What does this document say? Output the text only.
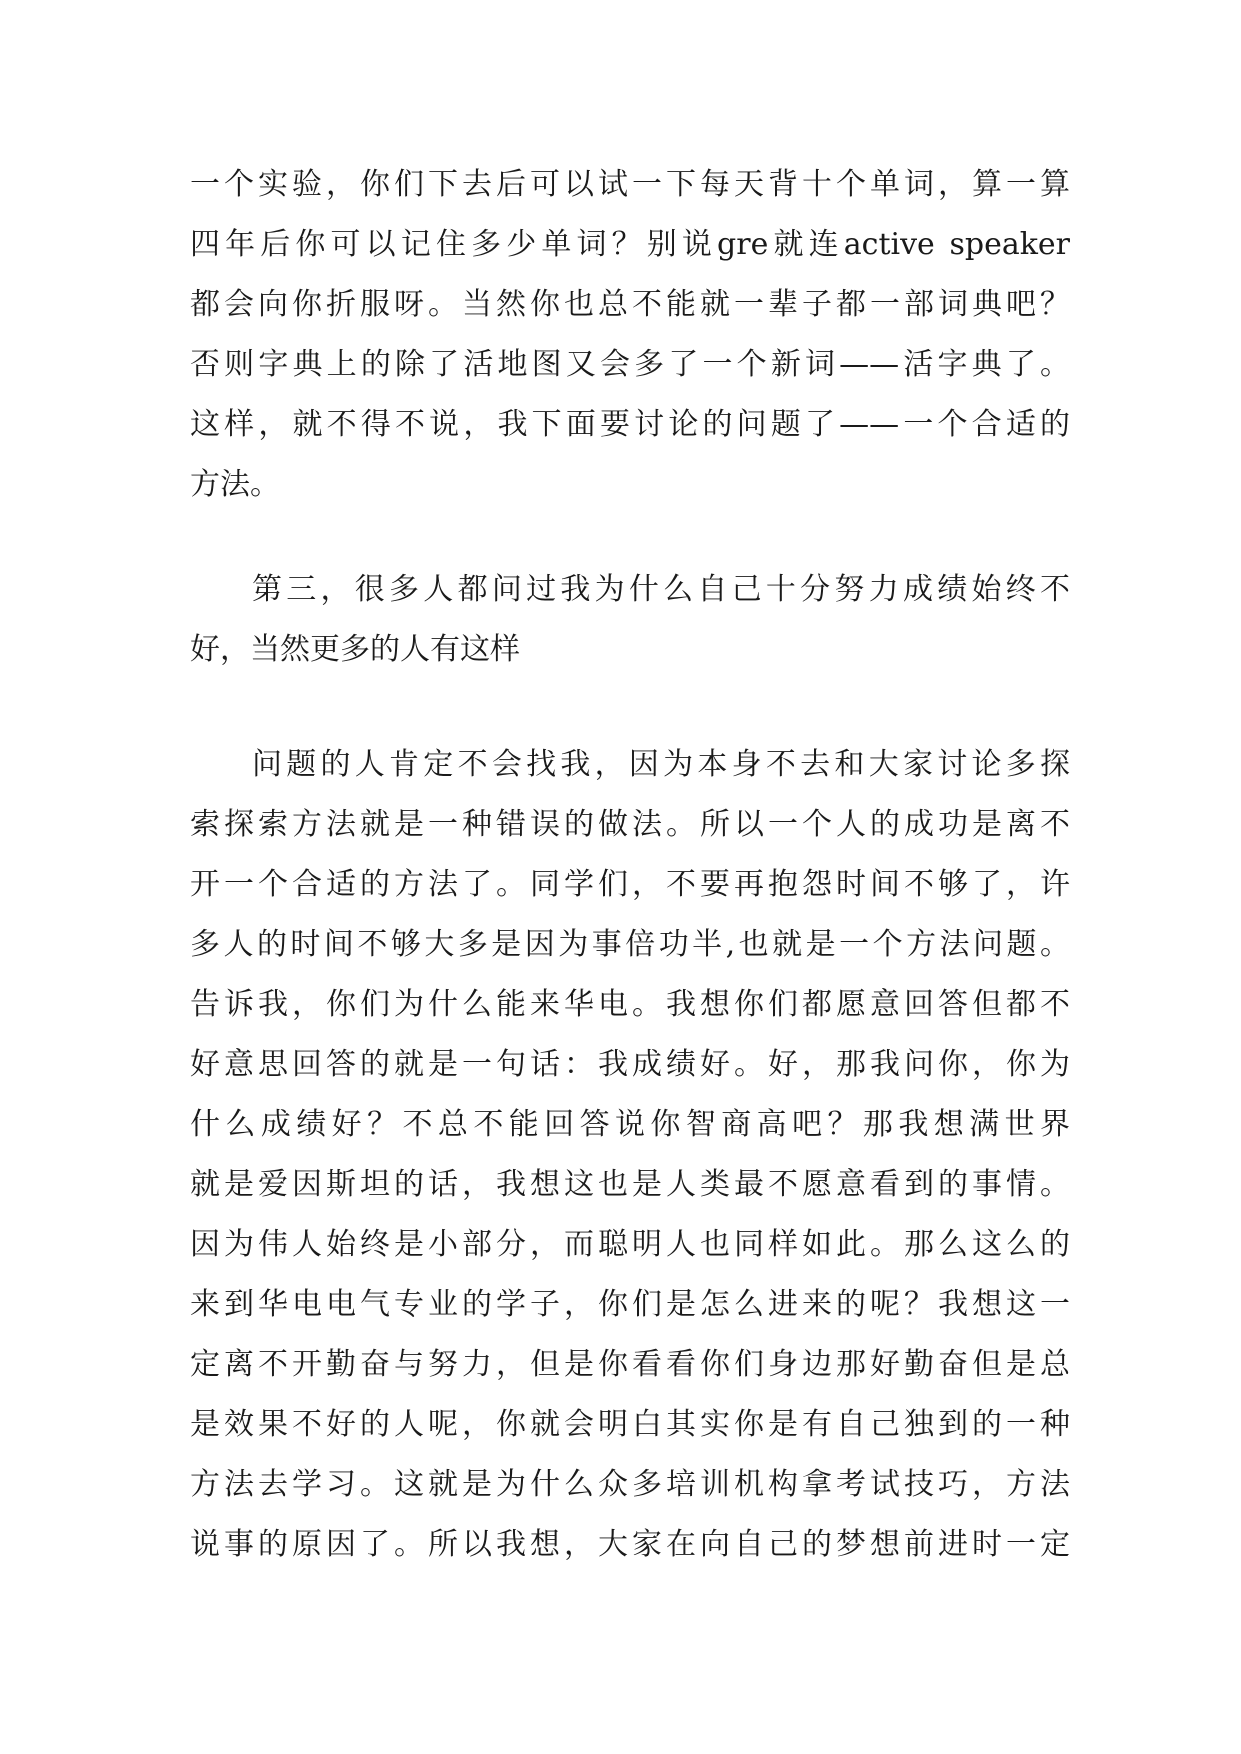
一个实验，你们下去后可以试一下每天背十个单词，算一算
四年后你可以记住多少单词？别说gre就连active speaker
都会向你折服呀。当然你也总不能就一辈子都一部词典吧？
否则字典上的除了活地图又会多了一个新词——活字典了。
这样，就不得不说，我下面要讨论的问题了——一个合适的
方法。
第三，很多人都问过我为什么自己十分努力成绩始终不
好，当然更多的人有这样
问题的人肯定不会找我，因为本身不去和大家讨论多探
索探索方法就是一种错误的做法。所以一个人的成功是离不
开一个合适的方法了。同学们，不要再抱怨时间不够了，许
多人的时间不够大多是因为事倍功半,也就是一个方法问题。
告诉我，你们为什么能来华电。我想你们都愿意回答但都不
好意思回答的就是一句话：我成绩好。好，那我问你，你为
什么成绩好？不总不能回答说你智商高吧？那我想满世界
就是爱因斯坦的话，我想这也是人类最不愿意看到的事情。
因为伟人始终是小部分，而聪明人也同样如此。那么这么的
来到华电电气专业的学子，你们是怎么进来的呢？我想这一
定离不开勤奋与努力，但是你看看你们身边那好勤奋但是总
是效果不好的人呢，你就会明白其实你是有自己独到的一种
方法去学习。这就是为什么众多培训机构拿考试技巧，方法
说事的原因了。所以我想，大家在向自己的梦想前进时一定
